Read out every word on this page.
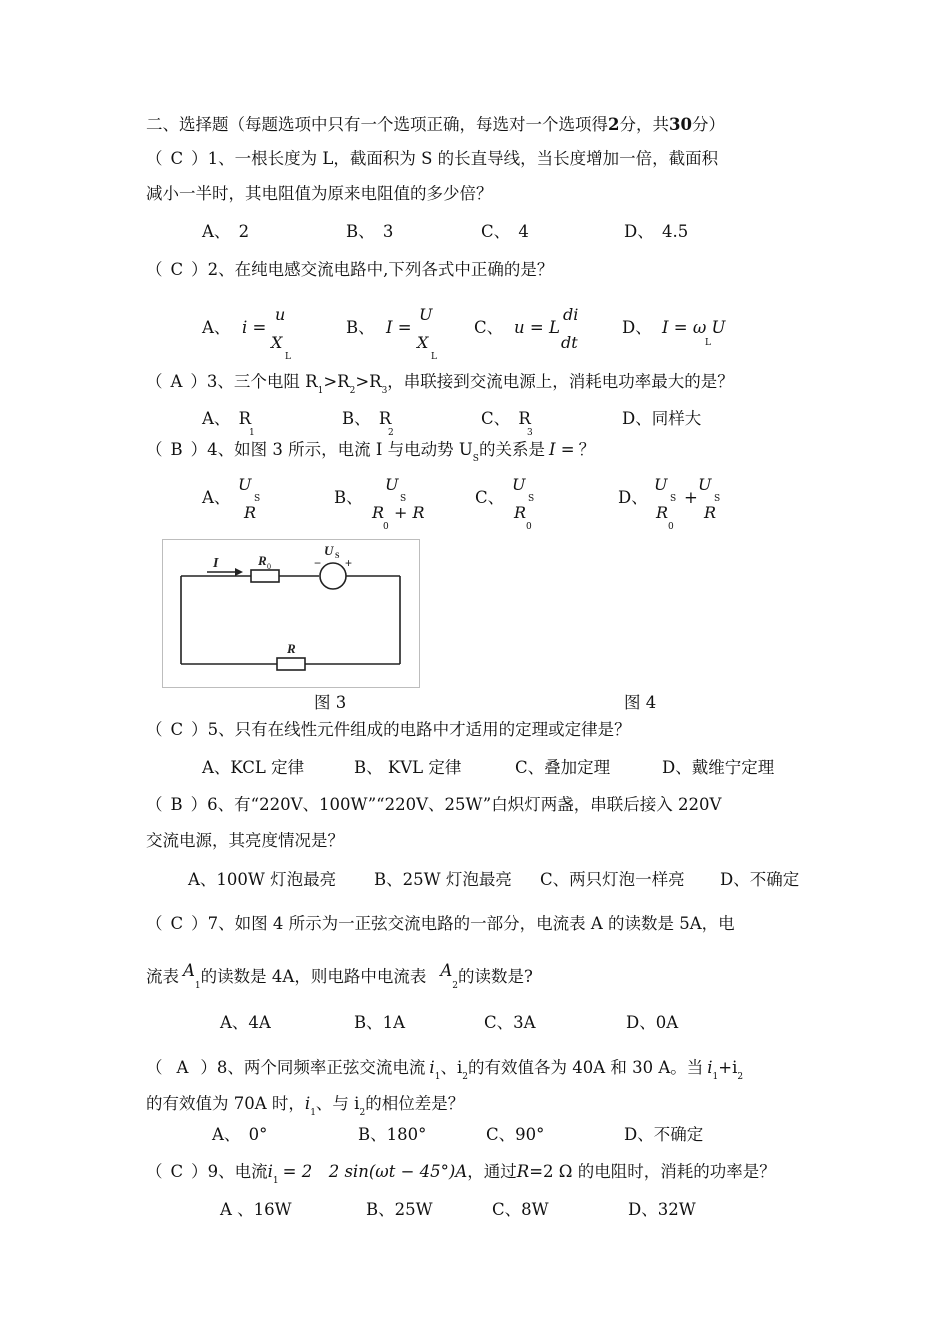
二、选择题（每题选项中只有一个选项正确，每选对一个选项得2分，共30分）
（ C ）1、一根长度为 L，截面积为 S 的长直导线，当长度增加一倍，截面积
减小一半时，其电阻值为原来电阻值的多少倍？
A、　2	B、　3	C、　4	D、　4.5
（ C ）2、在纯电感交流电路中,下列各式中正确的是？
A、 i =
u
X
L
B、 I =
U
X
L
C、 u = L
di
dt
D、 I = ω U
L
（ A ）3、三个电阻 $R_1>R_2>R_3$，串联接到交流电源上，消耗电功率最大的是？
A、　R
1
B、　R
2
C、　R
3
D、同样大
（ B ）4、如图 3 所示，电流 I 与电动势 $U_S$的关系是 I = ？
A、
U
S
R
B、
U
S
R + R
0
C、
U
S
R
0
D、
U
S
R
0
+
U
S
R
I	R 0
U S
− +
R
图 3	图 4
（ C ）5、只有在线性元件组成的电路中才适用的定理或定律是？
A、KCL 定律	B、 KVL 定律	C、叠加定理	D、戴维宁定理
（ B ）6、有“220V、100W”“220V、25W”白炽灯两盏，串联后接入 220V
交流电源，其亮度情况是？
A、100W 灯泡最亮 B、25W 灯泡最亮 C、两只灯泡一样亮 D、不确定
（ C ）7、如图 4 所示为一正弦交流电路的一部分，电流表 A 的读数是 5A，电
流表 $A_1$的读数是 4A，则电路中电流表 $A_2$的读数是?
A、4A	B、1A	C、3A	D、0A
（ A ）8、两个同频率正弦交流电流 $i_1$、$i_2$的有效值各为 40A 和 30 A。当 $i_1+i_2$
的有效值为 70A 时，$i_1$、与 $i_2$的相位差是？
A、　0°	B、180°	C、90°	D、不确定
（ C ）9、电流$i_1 = 2$　2 sin(ωt − 45°)A，通过R=2 Ω 的电阻时，消耗的功率是？
A 、16W	B、25W	C、8W	D、32W
